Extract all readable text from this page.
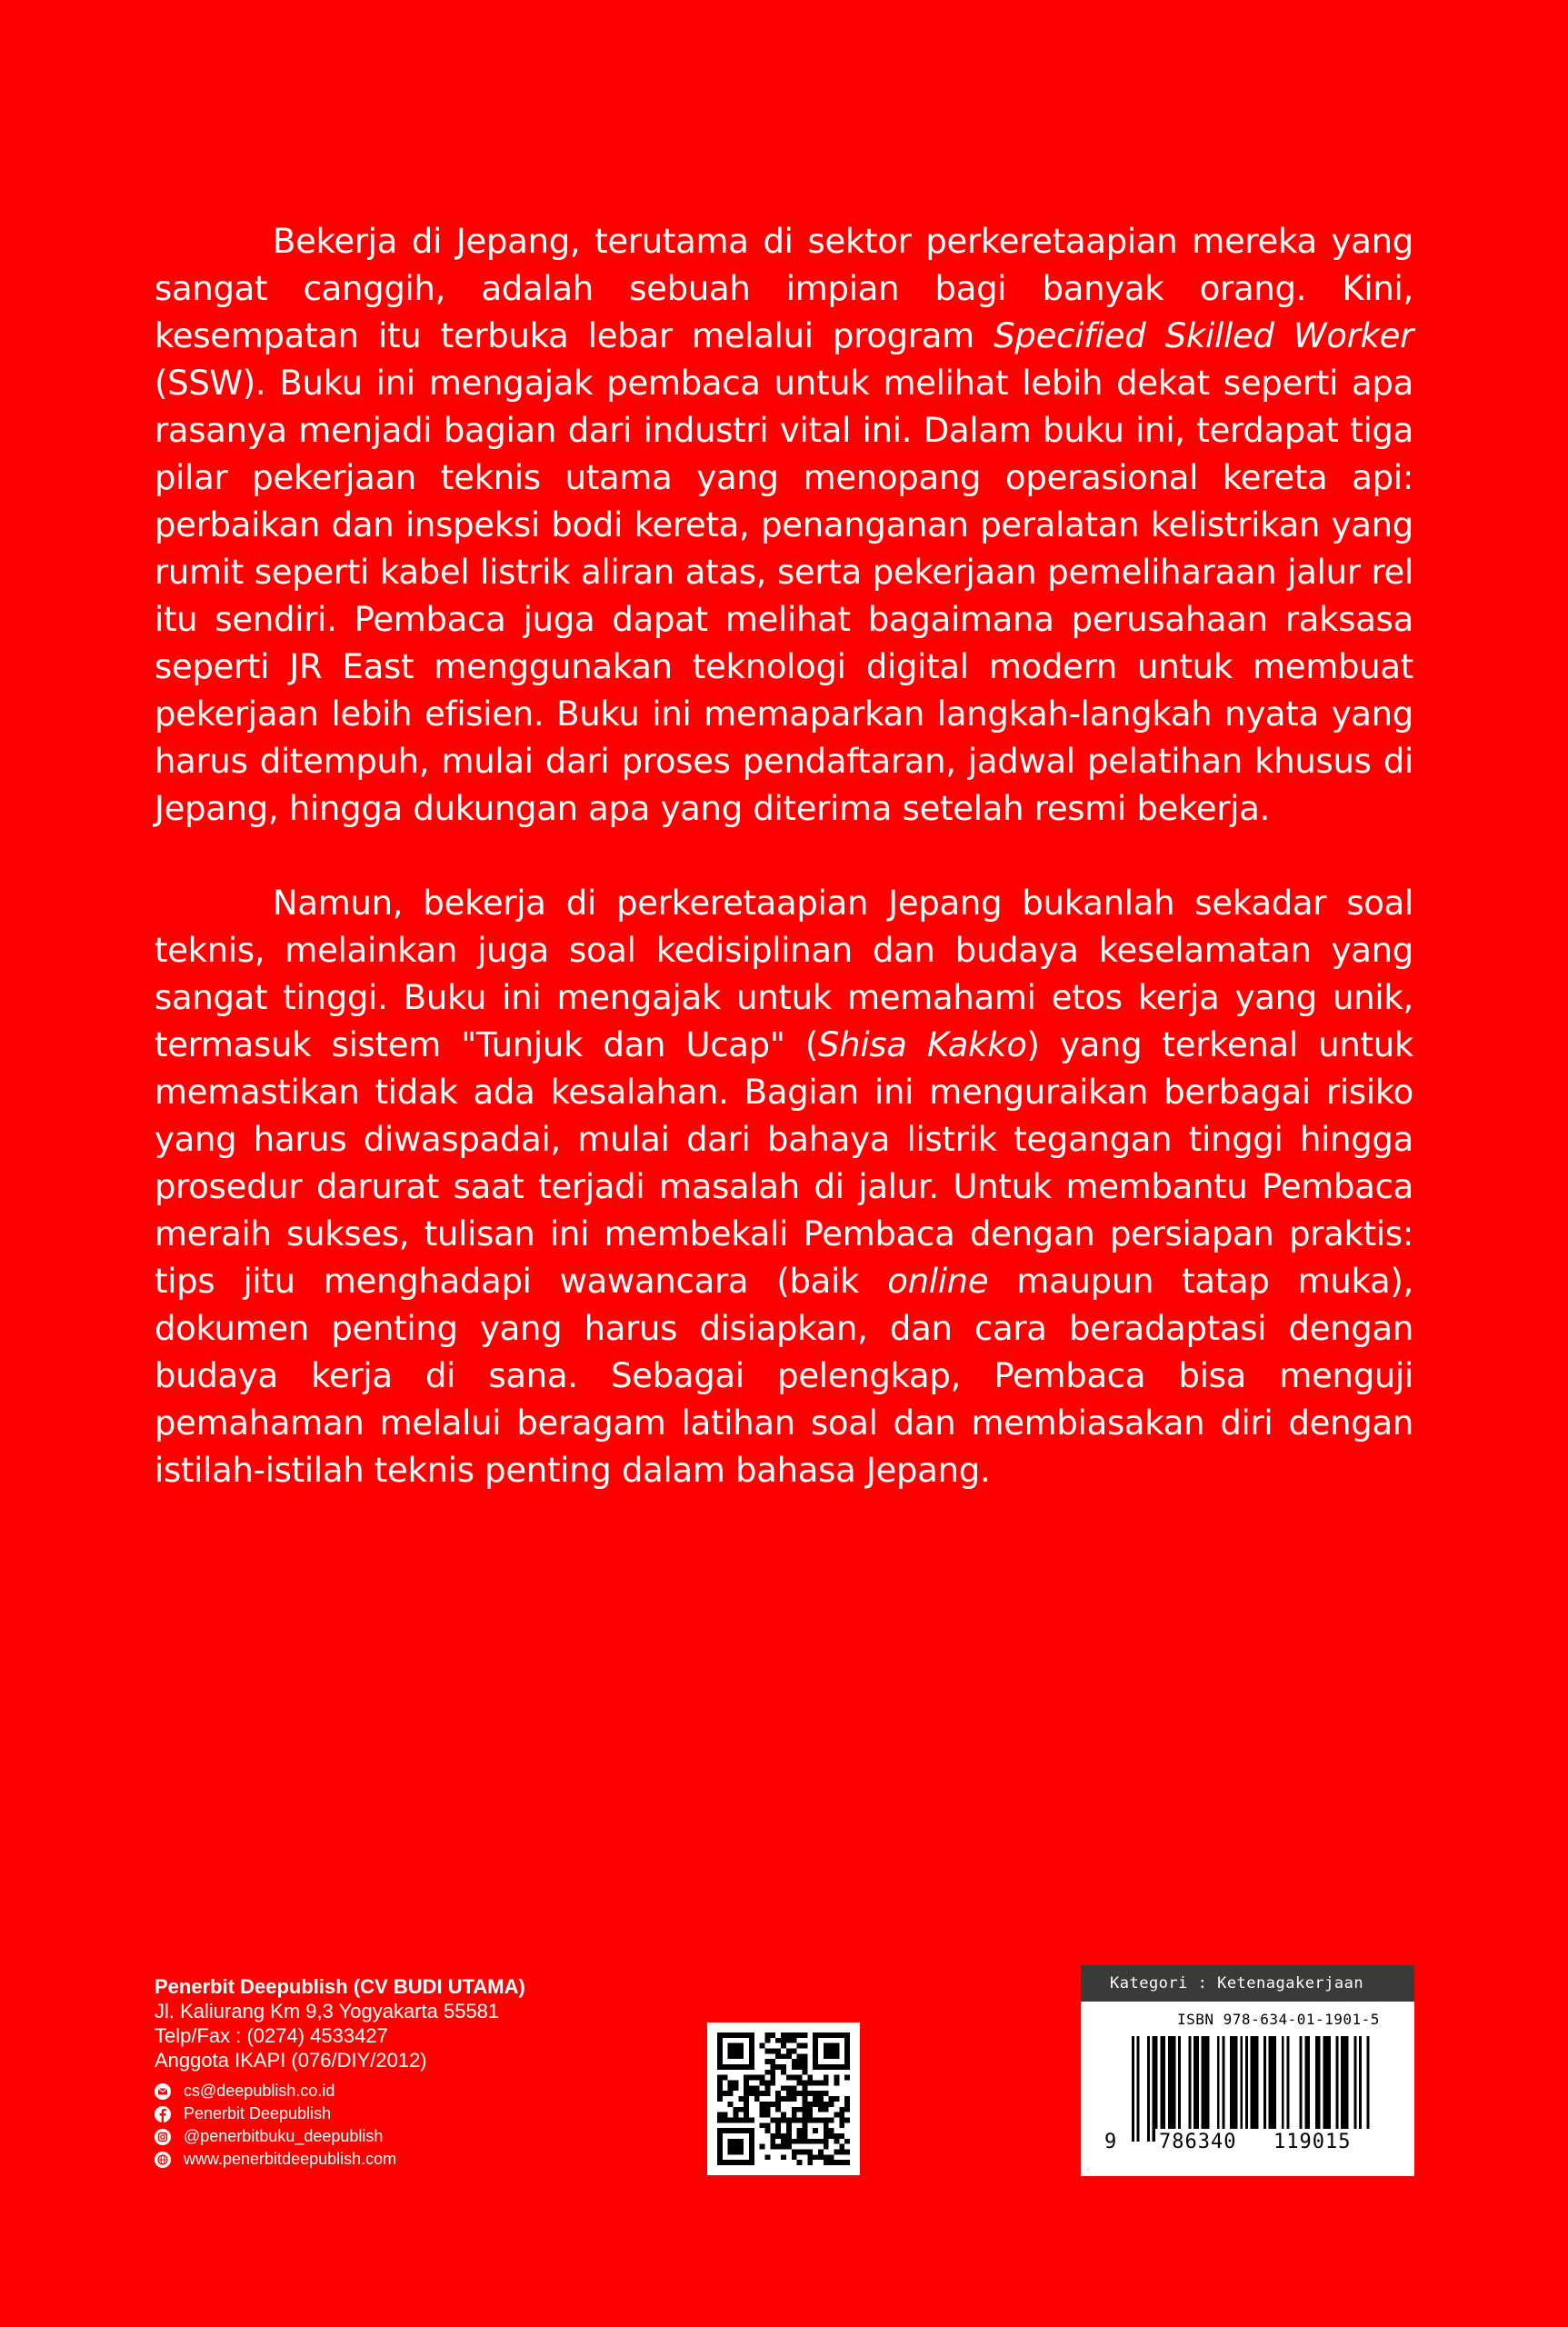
Bekerja di Jepang, terutama di sektor perkeretaapian mereka yang sangat canggih, adalah sebuah impian bagi banyak orang. Kini, kesempatan itu terbuka lebar melalui program Specified Skilled Worker (SSW). Buku ini mengajak pembaca untuk melihat lebih dekat seperti apa rasanya menjadi bagian dari industri vital ini. Dalam buku ini, terdapat tiga pilar pekerjaan teknis utama yang menopang operasional kereta api: perbaikan dan inspeksi bodi kereta, penanganan peralatan kelistrikan yang rumit seperti kabel listrik aliran atas, serta pekerjaan pemeliharaan jalur rel itu sendiri. Pembaca juga dapat melihat bagaimana perusahaan raksasa seperti JR East menggunakan teknologi digital modern untuk membuat pekerjaan lebih efisien. Buku ini memaparkan langkah-langkah nyata yang harus ditempuh, mulai dari proses pendaftaran, jadwal pelatihan khusus di Jepang, hingga dukungan apa yang diterima setelah resmi bekerja.

Namun, bekerja di perkeretaapian Jepang bukanlah sekadar soal teknis, melainkan juga soal kedisiplinan dan budaya keselamatan yang sangat tinggi. Buku ini mengajak untuk memahami etos kerja yang unik, termasuk sistem "Tunjuk dan Ucap" (Shisa Kakko) yang terkenal untuk memastikan tidak ada kesalahan. Bagian ini menguraikan berbagai risiko yang harus diwaspadai, mulai dari bahaya listrik tegangan tinggi hingga prosedur darurat saat terjadi masalah di jalur. Untuk membantu Pembaca meraih sukses, tulisan ini membekali Pembaca dengan persiapan praktis: tips jitu menghadapi wawancara (baik online maupun tatap muka), dokumen penting yang harus disiapkan, dan cara beradaptasi dengan budaya kerja di sana. Sebagai pelengkap, Pembaca bisa menguji pemahaman melalui beragam latihan soal dan membiasakan diri dengan istilah-istilah teknis penting dalam bahasa Jepang.

Penerbit Deepublish (CV BUDI UTAMA)
Jl. Kaliurang Km 9,3 Yogyakarta 55581
Telp/Fax : (0274) 4533427
Anggota IKAPI (076/DIY/2012)
cs@deepublish.co.id
Penerbit Deepublish
@penerbitbuku_deepublish
www.penerbitdeepublish.com
Kategori : Ketenagakerjaan
ISBN 978-634-01-1901-5
9 786340 119015
